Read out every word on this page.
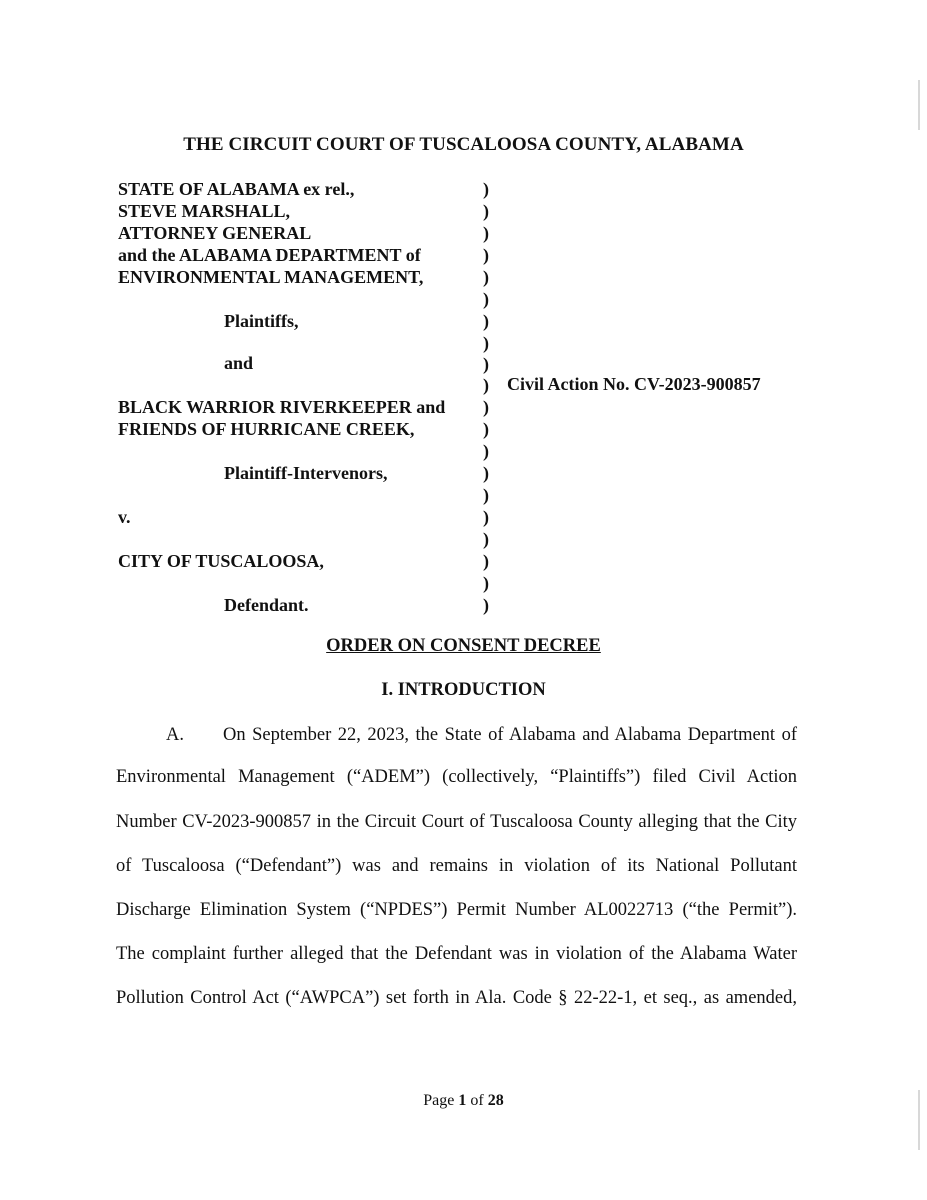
THE CIRCUIT COURT OF TUSCALOOSA COUNTY, ALABAMA
STATE OF ALABAMA ex rel.,
STEVE MARSHALL,
ATTORNEY GENERAL
and the ALABAMA DEPARTMENT of
ENVIRONMENTAL MANAGEMENT,
Plaintiffs,
and
BLACK WARRIOR RIVERKEEPER and
FRIENDS OF HURRICANE CREEK,
Plaintiff-Intervenors,
v.
CITY OF TUSCALOOSA,
Defendant.
)
)
)
)
)
)
)
)
)
)
)
)
)
)
)
)
)
)
)
)
Civil Action No. CV-2023-900857
ORDER ON CONSENT DECREE
I. INTRODUCTION
A. On September 22, 2023, the State of Alabama and Alabama Department of
Environmental Management (“ADEM”) (collectively, “Plaintiffs”) filed Civil Action
Number CV-2023-900857 in the Circuit Court of Tuscaloosa County alleging that the City
of Tuscaloosa (“Defendant”) was and remains in violation of its National Pollutant
Discharge Elimination System (“NPDES”) Permit Number AL0022713 (“the Permit”).
The complaint further alleged that the Defendant was in violation of the Alabama Water
Pollution Control Act (“AWPCA”) set forth in Ala. Code § 22-22-1, et seq., as amended,
Page 1 of 28
